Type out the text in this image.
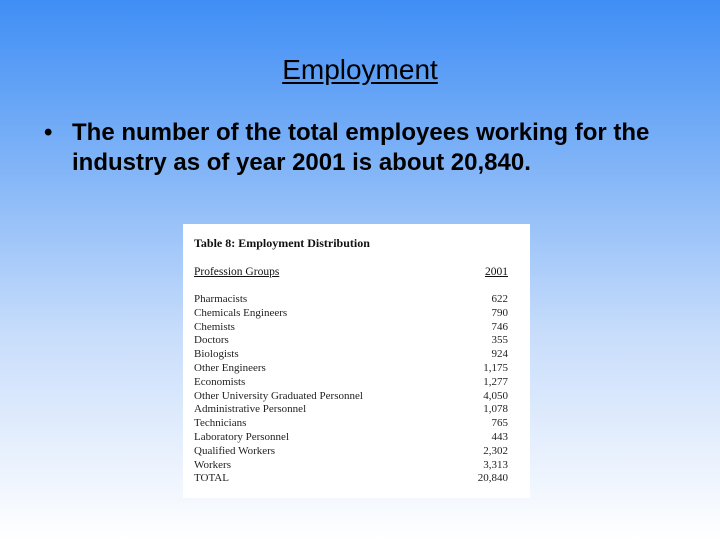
Employment
• The number of the total employees working for the industry as of year 2001 is about 20,840.
Table 8: Employment Distribution
Profession Groups	2001
Pharmacists	622
Chemicals Engineers	790
Chemists	746
Doctors	355
Biologists	924
Other Engineers	1,175
Economists	1,277
Other University Graduated Personnel	4,050
Administrative Personnel	1,078
Technicians	765
Laboratory Personnel	443
Qualified Workers	2,302
Workers	3,313
TOTAL	20,840
